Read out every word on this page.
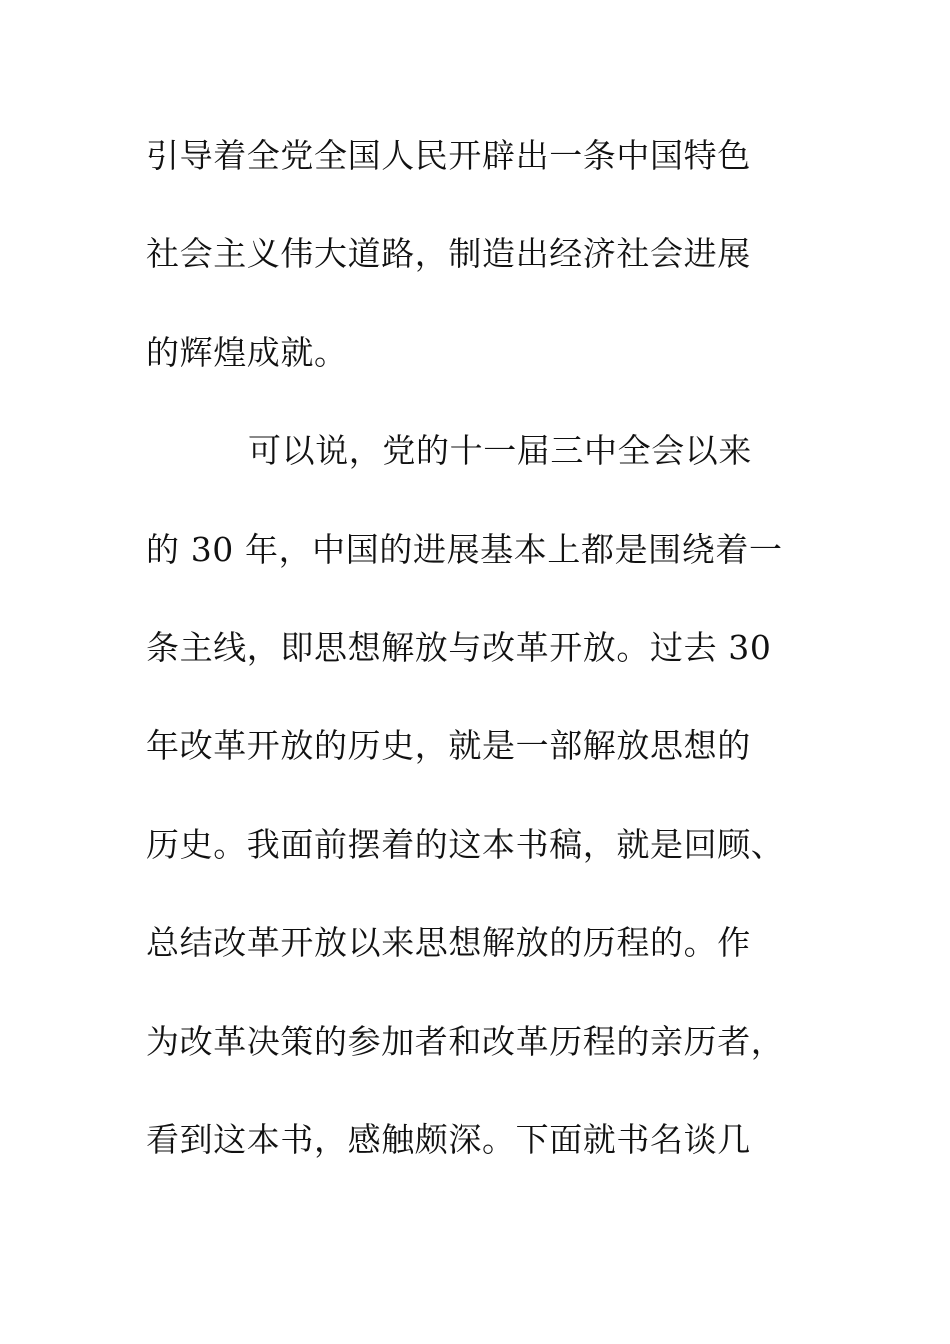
引导着全党全国人民开辟出一条中国特色
社会主义伟大道路，制造出经济社会进展
的辉煌成就。
可以说，党的十一届三中全会以来
的 30 年，中国的进展基本上都是围绕着一
条主线，即思想解放与改革开放。过去 30
年改革开放的历史，就是一部解放思想的
历史。我面前摆着的这本书稿，就是回顾、
总结改革开放以来思想解放的历程的。作
为改革决策的参加者和改革历程的亲历者，
看到这本书，感触颇深。下面就书名谈几
